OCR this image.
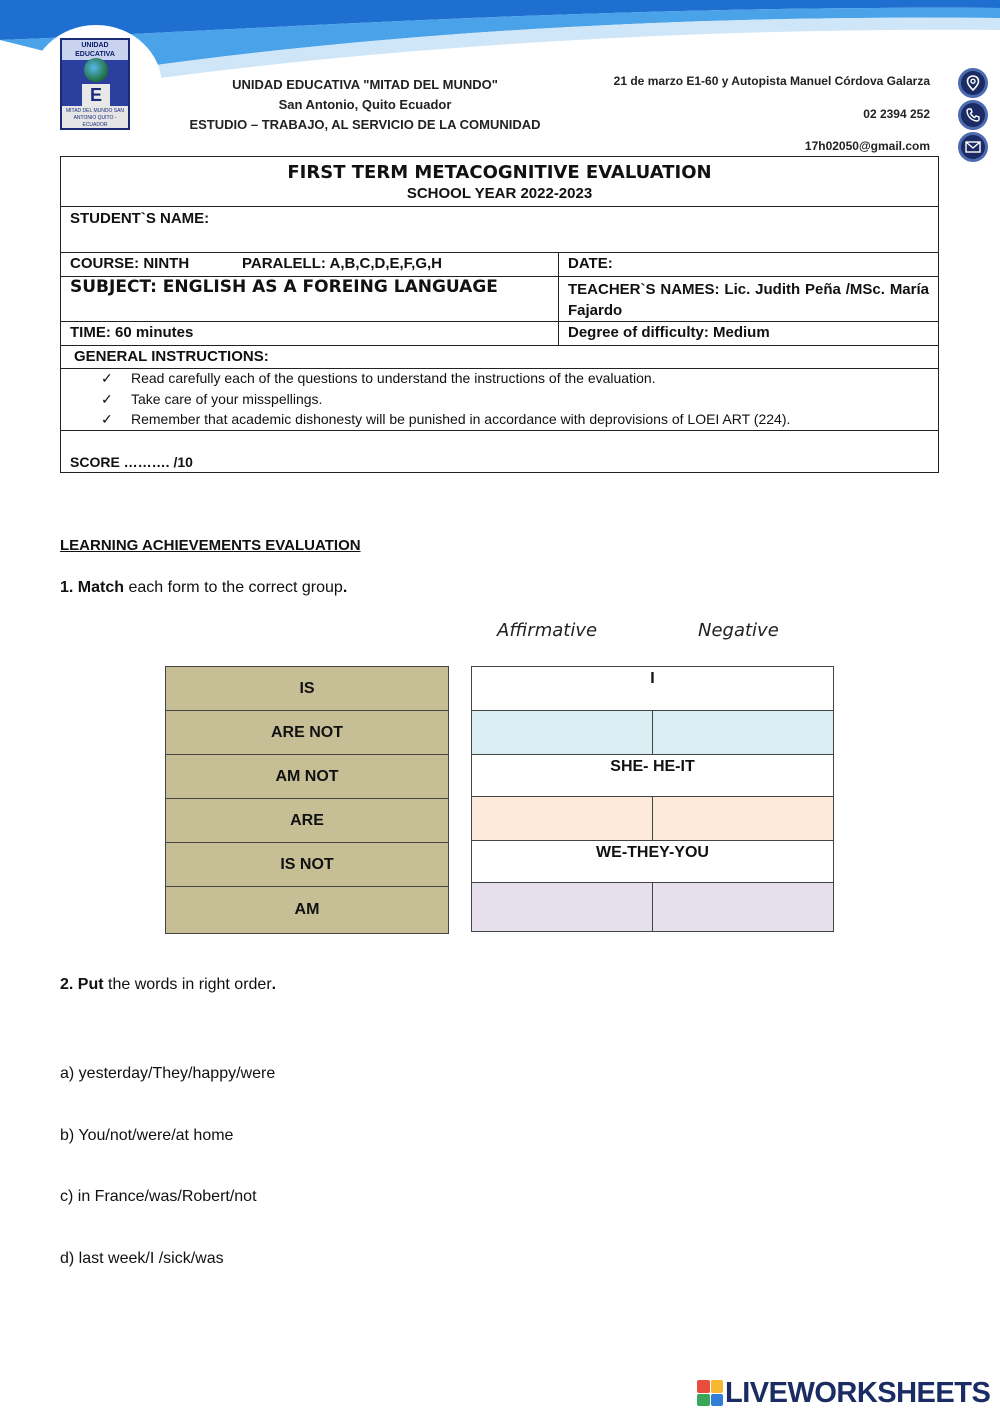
UNIDAD EDUCATIVA
E
MITAD DEL MUNDO SAN ANTONIO QUITO - ECUADOR
UNIDAD EDUCATIVA "MITAD DEL MUNDO"
San Antonio, Quito Ecuador
ESTUDIO – TRABAJO, AL SERVICIO DE LA COMUNIDAD
21 de marzo E1-60 y Autopista Manuel Córdova Galarza
02 2394 252
17h02050@gmail.com
FIRST TERM METACOGNITIVE EVALUATION
SCHOOL YEAR 2022-2023
STUDENT`S NAME:
COURSE: NINTH	PARALELL: A,B,C,D,E,F,G,H	DATE:
SUBJECT: ENGLISH AS A FOREING LANGUAGE	TEACHER`S NAMES: Lic. Judith Peña /MSc. María Fajardo
TIME: 60 minutes	Degree of difficulty: Medium
GENERAL INSTRUCTIONS:
✓ Read carefully each of the questions to understand the instructions of the evaluation.
✓ Take care of your misspellings.
✓ Remember that academic dishonesty will be punished in accordance with deprovisions of LOEI ART (224).
SCORE ………. /10
LEARNING ACHIEVEMENTS EVALUATION
1. Match each form to the correct group.
Affirmative	Negative
IS
ARE NOT
AM NOT
ARE
IS NOT
AM
I
SHE- HE-IT
WE-THEY-YOU
2. Put the words in right order.
a) yesterday/They/happy/were
b) You/not/were/at home
c) in France/was/Robert/not
d) last week/I /sick/was
LIVEWORKSHEETS
